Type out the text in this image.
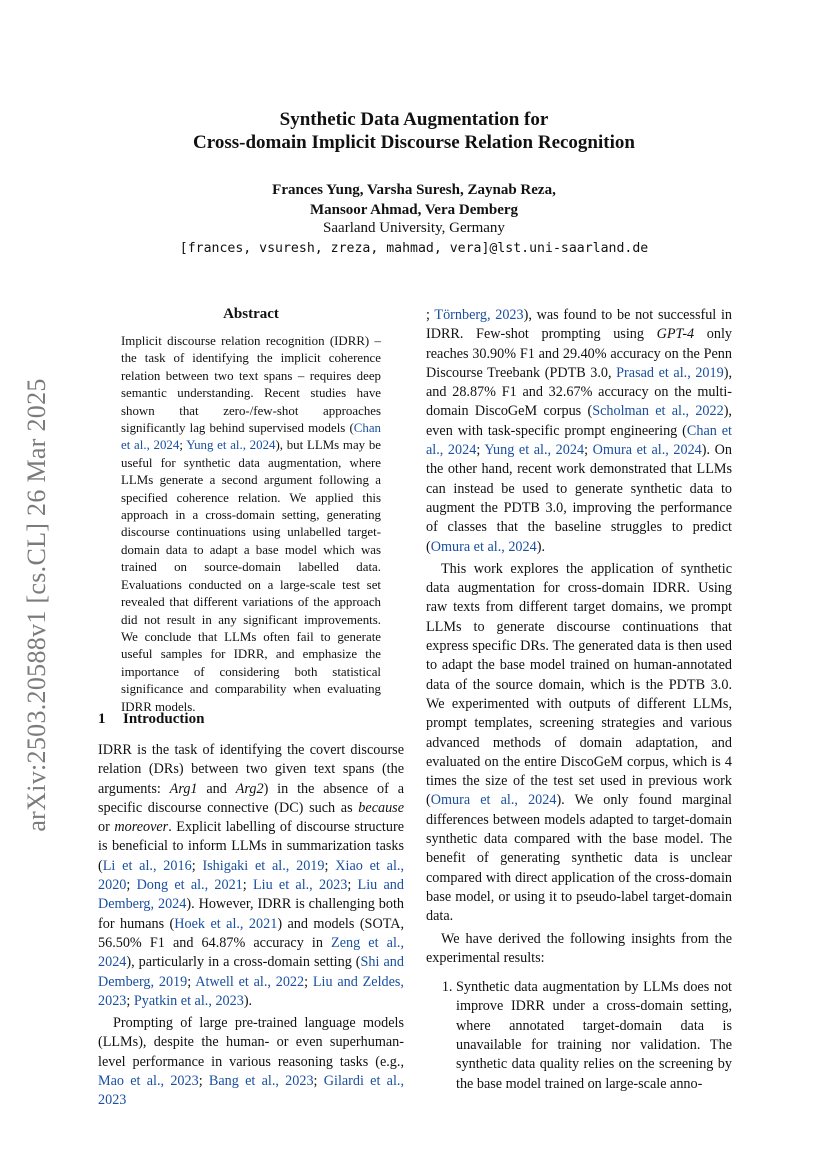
arXiv:2503.20588v1 [cs.CL] 26 Mar 2025
Synthetic Data Augmentation for
Cross-domain Implicit Discourse Relation Recognition
Frances Yung, Varsha Suresh, Zaynab Reza,
Mansoor Ahmad, Vera Demberg
Saarland University, Germany
[frances, vsuresh, zreza, mahmad, vera]@lst.uni-saarland.de
Abstract
Implicit discourse relation recognition (IDRR) – the task of identifying the implicit coherence relation between two text spans – requires deep semantic understanding. Recent studies have shown that zero-/few-shot approaches significantly lag behind supervised models (Chan et al., 2024; Yung et al., 2024), but LLMs may be useful for synthetic data augmentation, where LLMs generate a second argument following a specified coherence relation. We applied this approach in a cross-domain setting, generating discourse continuations using unlabelled target-domain data to adapt a base model which was trained on source-domain labelled data. Evaluations conducted on a large-scale test set revealed that different variations of the approach did not result in any significant improvements. We conclude that LLMs often fail to generate useful samples for IDRR, and emphasize the importance of considering both statistical significance and comparability when evaluating IDRR models.
1 Introduction

IDRR is the task of identifying the covert discourse relation (DRs) between two given text spans (the arguments: Arg1 and Arg2) in the absence of a specific discourse connective (DC) such as because or moreover. Explicit labelling of discourse structure is beneficial to inform LLMs in summarization tasks (Li et al., 2016; Ishigaki et al., 2019; Xiao et al., 2020; Dong et al., 2021; Liu et al., 2023; Liu and Demberg, 2024). However, IDRR is challenging both for humans (Hoek et al., 2021) and models (SOTA, 56.50% F1 and 64.87% accuracy in Zeng et al., 2024), particularly in a cross-domain setting (Shi and Demberg, 2019; Atwell et al., 2022; Liu and Zeldes, 2023; Pyatkin et al., 2023).

Prompting of large pre-trained language models (LLMs), despite the human- or even superhuman-level performance in various reasoning tasks (e.g., Mao et al., 2023; Bang et al., 2023; Gilardi et al., 2023

; Törnberg, 2023), was found to be not successful in IDRR. Few-shot prompting using GPT-4 only reaches 30.90% F1 and 29.40% accuracy on the Penn Discourse Treebank (PDTB 3.0, Prasad et al., 2019), and 28.87% F1 and 32.67% accuracy on the multi-domain DiscoGeM corpus (Scholman et al., 2022), even with task-specific prompt engineering (Chan et al., 2024; Yung et al., 2024; Omura et al., 2024). On the other hand, recent work demonstrated that LLMs can instead be used to generate synthetic data to augment the PDTB 3.0, improving the performance of classes that the baseline struggles to predict (Omura et al., 2024).

This work explores the application of synthetic data augmentation for cross-domain IDRR. Using raw texts from different target domains, we prompt LLMs to generate discourse continuations that express specific DRs. The generated data is then used to adapt the base model trained on human-annotated data of the source domain, which is the PDTB 3.0. We experimented with outputs of different LLMs, prompt templates, screening strategies and various advanced methods of domain adaptation, and evaluated on the entire DiscoGeM corpus, which is 4 times the size of the test set used in previous work (Omura et al., 2024). We only found marginal differences between models adapted to target-domain synthetic data compared with the base model. The benefit of generating synthetic data is unclear compared with direct application of the cross-domain base model, or using it to pseudo-label target-domain data.

We have derived the following insights from the experimental results:

1. Synthetic data augmentation by LLMs does not improve IDRR under a cross-domain setting, where annotated target-domain data is unavailable for training nor validation. The synthetic data quality relies on the screening by the base model trained on large-scale anno-
